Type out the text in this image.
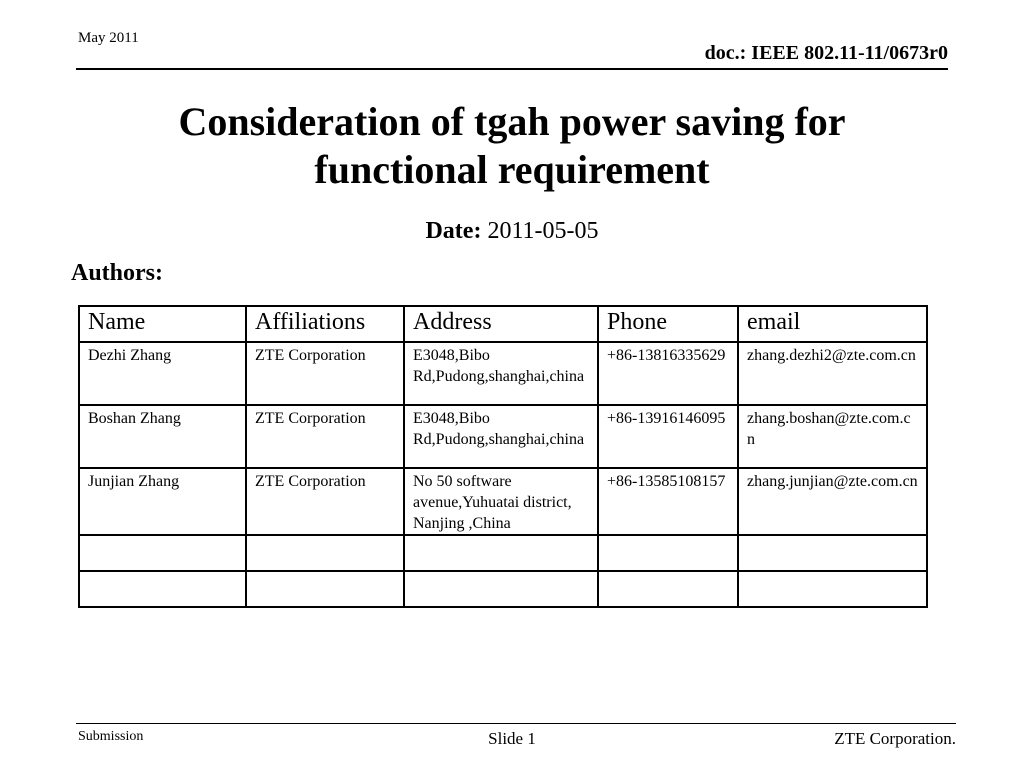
May 2011
doc.: IEEE 802.11-11/0673r0
Consideration of tgah power saving for
functional requirement
Date: 2011-05-05
Authors:
Name	Affiliations	Address	Phone	email
Dezhi Zhang	ZTE Corporation	E3048,Bibo Rd,Pudong,shanghai,china	+86-13816335629	zhang.dezhi2@zte.com.cn
Boshan Zhang	ZTE Corporation	E3048,Bibo Rd,Pudong,shanghai,china	+86-13916146095	zhang.boshan@zte.com.cn
Junjian Zhang	ZTE Corporation	No 50 software avenue,Yuhuatai district, Nanjing ,China	+86-13585108157	zhang.junjian@zte.com.cn

Submission	Slide 1	ZTE Corporation.
